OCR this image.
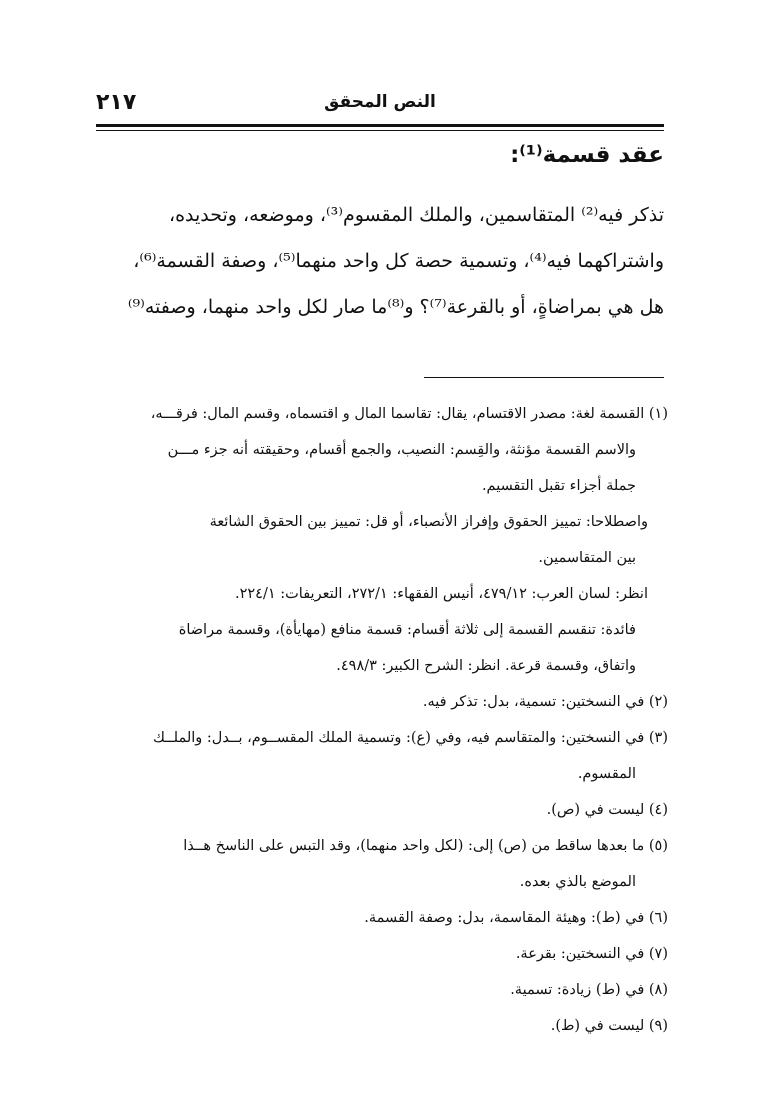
٢١٧	النص المحقق
عقد قسمة⁽¹⁾:
تذكر فيه⁽²⁾ المتقاسمين، والملك المقسوم⁽³⁾، وموضعه، وتحديده،
واشتراكهما فيه⁽⁴⁾، وتسمية حصة كل واحد منهما⁽⁵⁾، وصفة القسمة⁽⁶⁾،
هل هي بمراضاةٍ، أو بالقرعة⁽⁷⁾؟ و⁽⁸⁾ما صار لكل واحد منهما، وصفته⁽⁹⁾
(١) القسمة لغة: مصدر الاقتسام، يقال: تقاسما المال و اقتسماه، وقسم المال: فرقـــه،
والاسم القسمة مؤنثة، والقِسم: النصيب، والجمع أقسام، وحقيقته أنه جزء مـــن
جملة أجزاء تقبل التقسيم.
واصطلاحا: تمييز الحقوق وإفراز الأنصباء، أو قل: تمييز بين الحقوق الشائعة
بين المتقاسمين.
انظر: لسان العرب: ٤٧٩/١٢، أنيس الفقهاء: ٢٧٢/١، التعريفات: ٢٢٤/١.
فائدة: تنقسم القسمة إلى ثلاثة أقسام: قسمة منافع (مهايأة)، وقسمة مراضاة
واتفاق، وقسمة قرعة. انظر: الشرح الكبير: ٤٩٨/٣.
(٢) في النسختين: تسمية، بدل: تذكر فيه.
(٣) في النسختين: والمتقاسم فيه، وفي (ع): وتسمية الملك المقســوم، بــدل: والملــك
المقسوم.
(٤) ليست في (ص).
(٥) ما بعدها ساقط من (ص) إلى: (لكل واحد منهما)، وقد التبس على الناسخ هــذا
الموضع بالذي بعده.
(٦) في (ط): وهيئة المقاسمة، بدل: وصفة القسمة.
(٧) في النسختين: بقرعة.
(٨) في (ط) زيادة: تسمية.
(٩) ليست في (ط).
